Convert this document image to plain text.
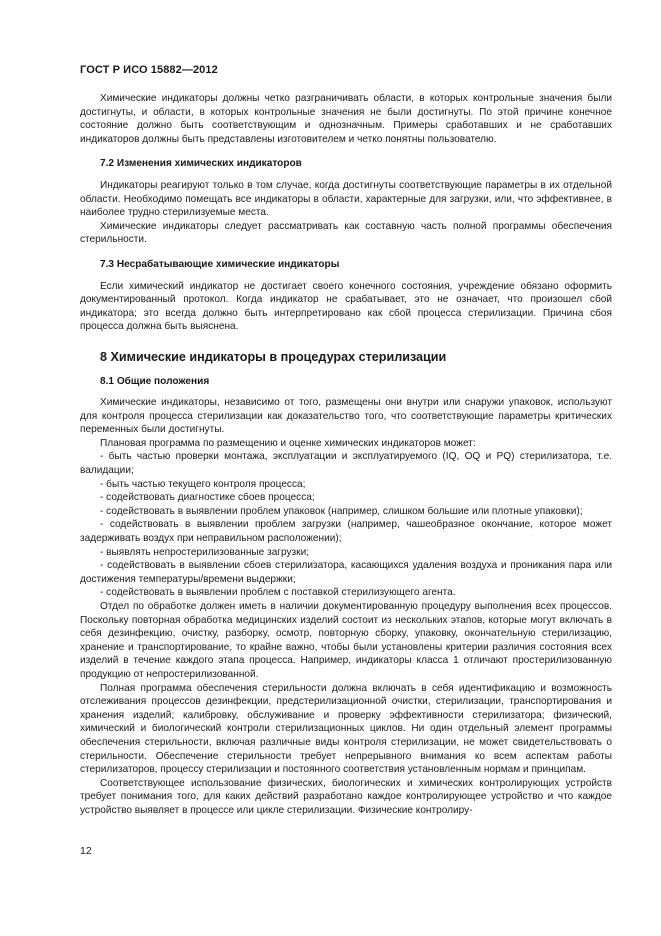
ГОСТ Р ИСО 15882—2012

Химические индикаторы должны четко разграничивать области, в которых контрольные значения были достигнуты, и области, в которых контрольные значения не были достигнуты. По этой причине конечное состояние должно быть соответствующим и однозначным. Примеры сработавших и не сработавших индикаторов должны быть представлены изготовителем и четко понятны пользователю.

7.2 Изменения химических индикаторов

Индикаторы реагируют только в том случае, когда достигнуты соответствующие параметры в их отдельной области. Необходимо помещать все индикаторы в области, характерные для загрузки, или, что эффективнее, в наиболее трудно стерилизуемые места.

Химические индикаторы следует рассматривать как составную часть полной программы обеспечения стерильности.

7.3 Несрабатывающие химические индикаторы

Если химический индикатор не достигает своего конечного состояния, учреждение обязано оформить документированный протокол. Когда индикатор не срабатывает, это не означает, что произошел сбой индикатора; это всегда должно быть интерпретировано как сбой процесса стерилизации. Причина сбоя процесса должна быть выяснена.

8 Химические индикаторы в процедурах стерилизации
8.1 Общие положения

Химические индикаторы, независимо от того, размещены они внутри или снаружи упаковок, используют для контроля процесса стерилизации как доказательство того, что соответствующие параметры критических переменных были достигнуты.

Плановая программа по размещению и оценке химических индикаторов может:

- быть частью проверки монтажа, эксплуатации и эксплуатируемого (IQ, OQ и PQ) стерилизатора, т.е. валидации;

- быть частью текущего контроля процесса;

- содействовать диагностике сбоев процесса;

- содействовать в выявлении проблем упаковок (например, слишком большие или плотные упаковки);

- содействовать в выявлении проблем загрузки (например, чашеобразное окончание, которое может задерживать воздух при неправильном расположении);

- выявлять непростерилизованные загрузки;

- содействовать в выявлении сбоев стерилизатора, касающихся удаления воздуха и проникания пара или достижения температуры/времени выдержки;

- содействовать в выявлении проблем с поставкой стерилизующего агента.

Отдел по обработке должен иметь в наличии документированную процедуру выполнения всех процессов. Поскольку повторная обработка медицинских изделий состоит из нескольких этапов, которые могут включать в себя дезинфекцию, очистку, разборку, осмотр, повторную сборку, упаковку, окончательную стерилизацию, хранение и транспортирование, то крайне важно, чтобы были установлены критерии различия состояния всех изделий в течение каждого этапа процесса. Например, индикаторы класса 1 отличают простерилизованную продукцию от непростерилизованной.

Полная программа обеспечения стерильности должна включать в себя идентификацию и возможность отслеживания процессов дезинфекции, предстерилизационной очистки, стерилизации, транспортирования и хранения изделий; калибровку, обслуживание и проверку эффективности стерилизатора; физический, химический и биологический контроли стерилизационных циклов. Ни один отдельный элемент программы обеспечения стерильности, включая различные виды контроля стерилизации, не может свидетельствовать о стерильности. Обеспечение стерильности требует непрерывного внимания ко всем аспектам работы стерилизаторов, процессу стерилизации и постоянного соответствия установленным нормам и принципам.

Соответствующее использование физических, биологических и химических контролирующих устройств требует понимания того, для каких действий разработано каждое контролирующее устройство и что каждое устройство выявляет в процессе или цикле стерилизации. Физические контролиру-

12
